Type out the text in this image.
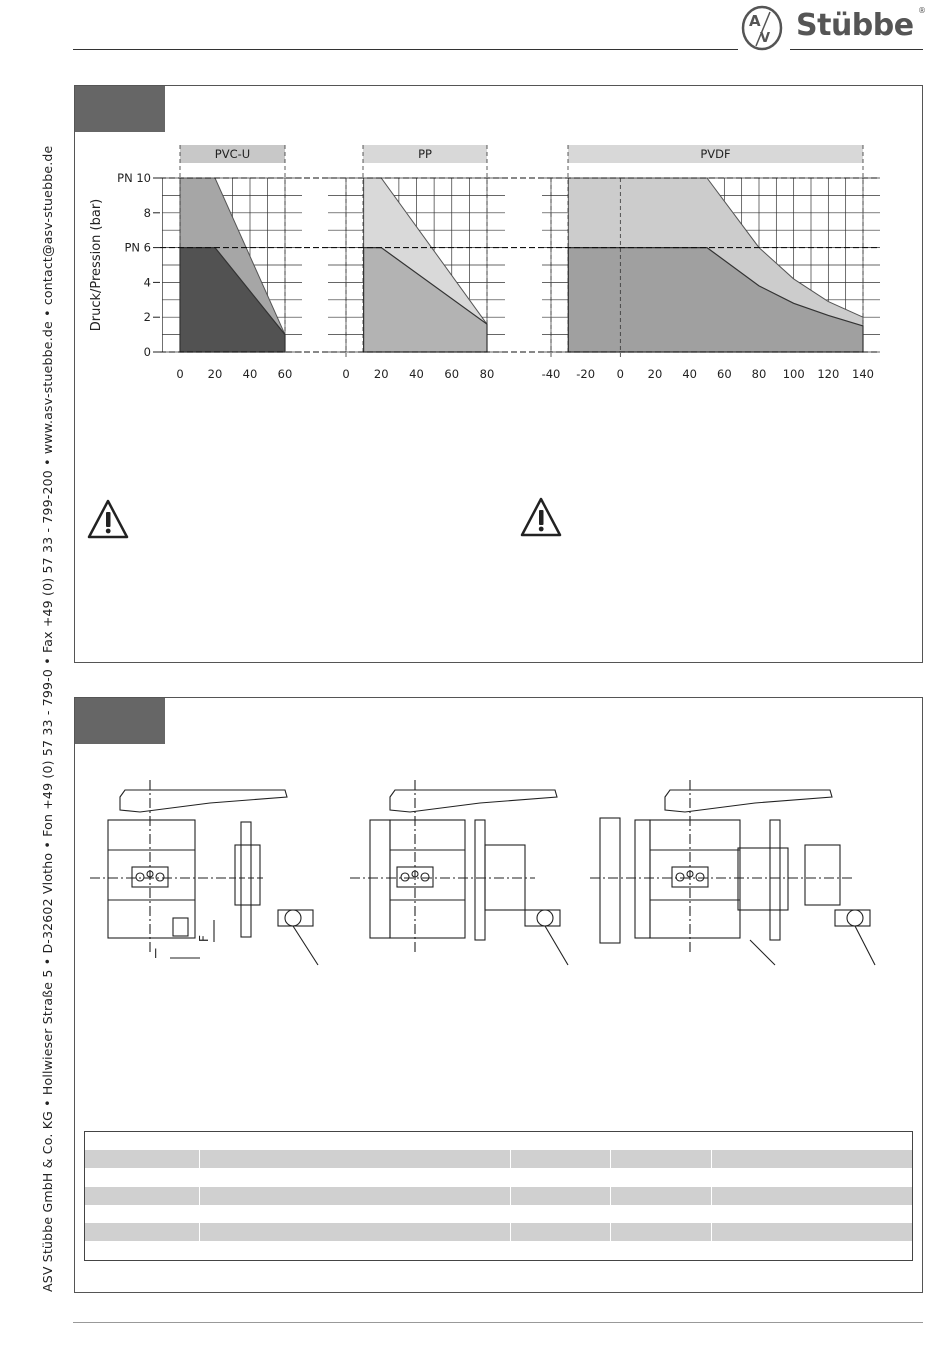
A
V Stübbe ®
ASV Stübbe GmbH & Co. KG • Hollwieser Straße 5 • D-32602 Vlotho • Fon +49 (0) 57 33 - 799-0 • Fax +49 (0) 57 33 - 799-200 • www.asv-stuebbe.de • contact@asv-stuebbe.de	Druck/Pression (bar)
0
2
4
PN 6
8
PN 10
0 20 40 60
PVC-U
0 20 40 60 80
PP
-40 -20 0 20 40 60 80 100 120 140
PVDF
l
F
